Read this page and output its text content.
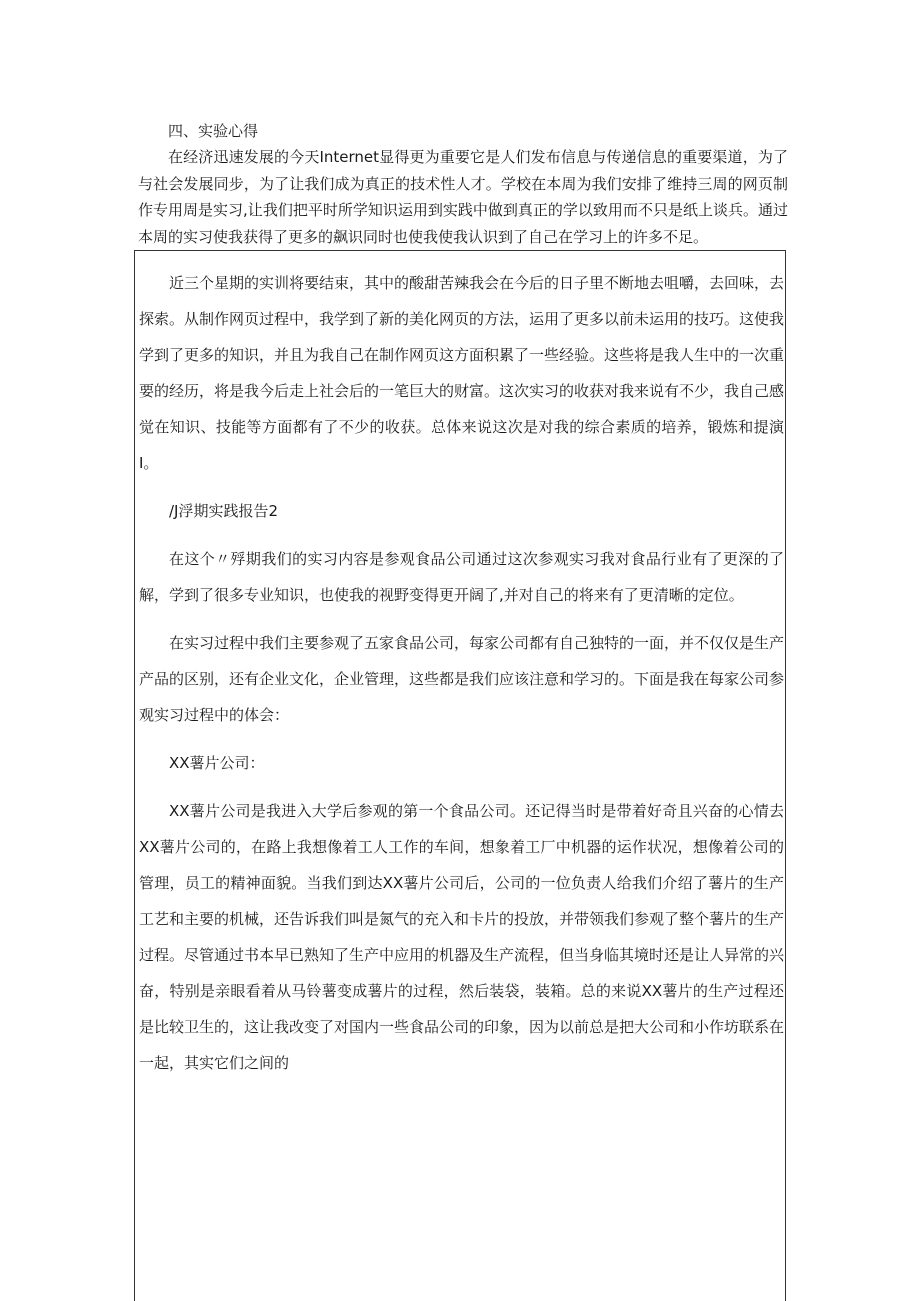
四、实验心得

在经济迅速发展的今天Internet显得更为重要它是人们发布信息与传递信息的重要渠道，为了与社会发展同步，为了让我们成为真正的技术性人才。学校在本周为我们安排了维持三周的网页制作专用周是实习,让我们把平时所学知识运用到实践中做到真正的学以致用而不只是纸上谈兵。通过本周的实习使我获得了更多的飙识同时也使我使我认识到了自己在学习上的许多不足。

近三个星期的实训将要结束，其中的酸甜苦辣我会在今后的日子里不断地去咀嚼，去回味，去探索。从制作网页过程中，我学到了新的美化网页的方法，运用了更多以前未运用的技巧。这使我学到了更多的知识，并且为我自己在制作网页这方面积累了一些经验。这些将是我人生中的一次重要的经历，将是我今后走上社会后的一笔巨大的财富。这次实习的收获对我来说有不少，我自己感觉在知识、技能等方面都有了不少的收获。总体来说这次是对我的综合素质的培养，锻炼和提演I。

/J浮期实践报告2

在这个〃殍期我们的实习内容是参观食品公司通过这次参观实习我对食品行业有了更深的了解，学到了很多专业知识，也使我的视野变得更开阔了,并对自己的将来有了更清晰的定位。

在实习过程中我们主要参观了五家食品公司，每家公司都有自己独特的一面，并不仅仅是生产产品的区别，还有企业文化，企业管理，这些都是我们应该注意和学习的。下面是我在每家公司参观实习过程中的体会：

XX薯片公司：

XX薯片公司是我进入大学后参观的第一个食品公司。还记得当时是带着好奇且兴奋的心情去XX薯片公司的，在路上我想像着工人工作的车间，想象着工厂中机器的运作状况，想像着公司的管理，员工的精神面貌。当我们到达XX薯片公司后，公司的一位负责人给我们介绍了薯片的生产工艺和主要的机械，还告诉我们叫是氮气的充入和卡片的投放，并带领我们参观了整个薯片的生产过程。尽管通过书本早已熟知了生产中应用的机器及生产流程，但当身临其境时还是让人异常的兴奋，特别是亲眼看着从马铃薯变成薯片的过程，然后装袋，装箱。总的来说XX薯片的生产过程还是比较卫生的，这让我改变了对国内一些食品公司的印象，因为以前总是把大公司和小作坊联系在一起，其实它们之间的
